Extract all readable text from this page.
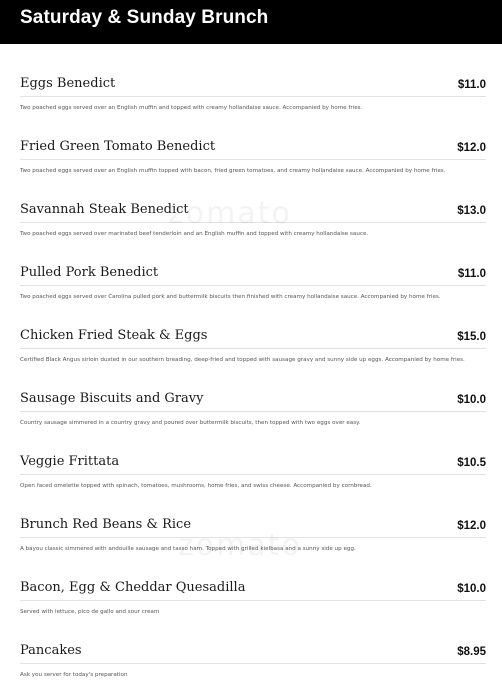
Saturday & Sunday Brunch
Eggs Benedict	$11.0
Two poached eggs served over an English muffin and topped with creamy hollandaise sauce. Accompanied by home fries.
Fried Green Tomato Benedict	$12.0
Two poached eggs served over an English muffin topped with bacon, fried green tomatoes, and creamy hollandaise sauce. Accompanied by home fries.
Savannah Steak Benedict	$13.0
Two poached eggs served over marinated beef tenderloin and an English muffin and topped with creamy hollandaise sauce.
Pulled Pork Benedict	$11.0
Two poached eggs served over Carolina pulled pork and buttermilk biscuits then finished with creamy hollandaise sauce. Accompanied by home fries.
Chicken Fried Steak & Eggs	$15.0
Certified Black Angus sirloin dusted in our southern breading, deep-fried and topped with sausage gravy and sunny side up eggs. Accompanied by home fries.
Sausage Biscuits and Gravy	$10.0
Country sausage simmered in a country gravy and poured over buttermilk biscuits, then topped with two eggs over easy.
Veggie Frittata	$10.5
Open faced omelette topped with spinach, tomatoes, mushrooms, home fries, and swiss cheese. Accompanied by cornbread.
Brunch Red Beans & Rice	$12.0
A bayou classic simmered with andouille sausage and tasso ham. Topped with grilled kielbasa and a sunny side up egg.
Bacon, Egg & Cheddar Quesadilla	$10.0
Served with lettuce, pico de gallo and sour cream
Pancakes	$8.95
Ask you server for today's preparation
